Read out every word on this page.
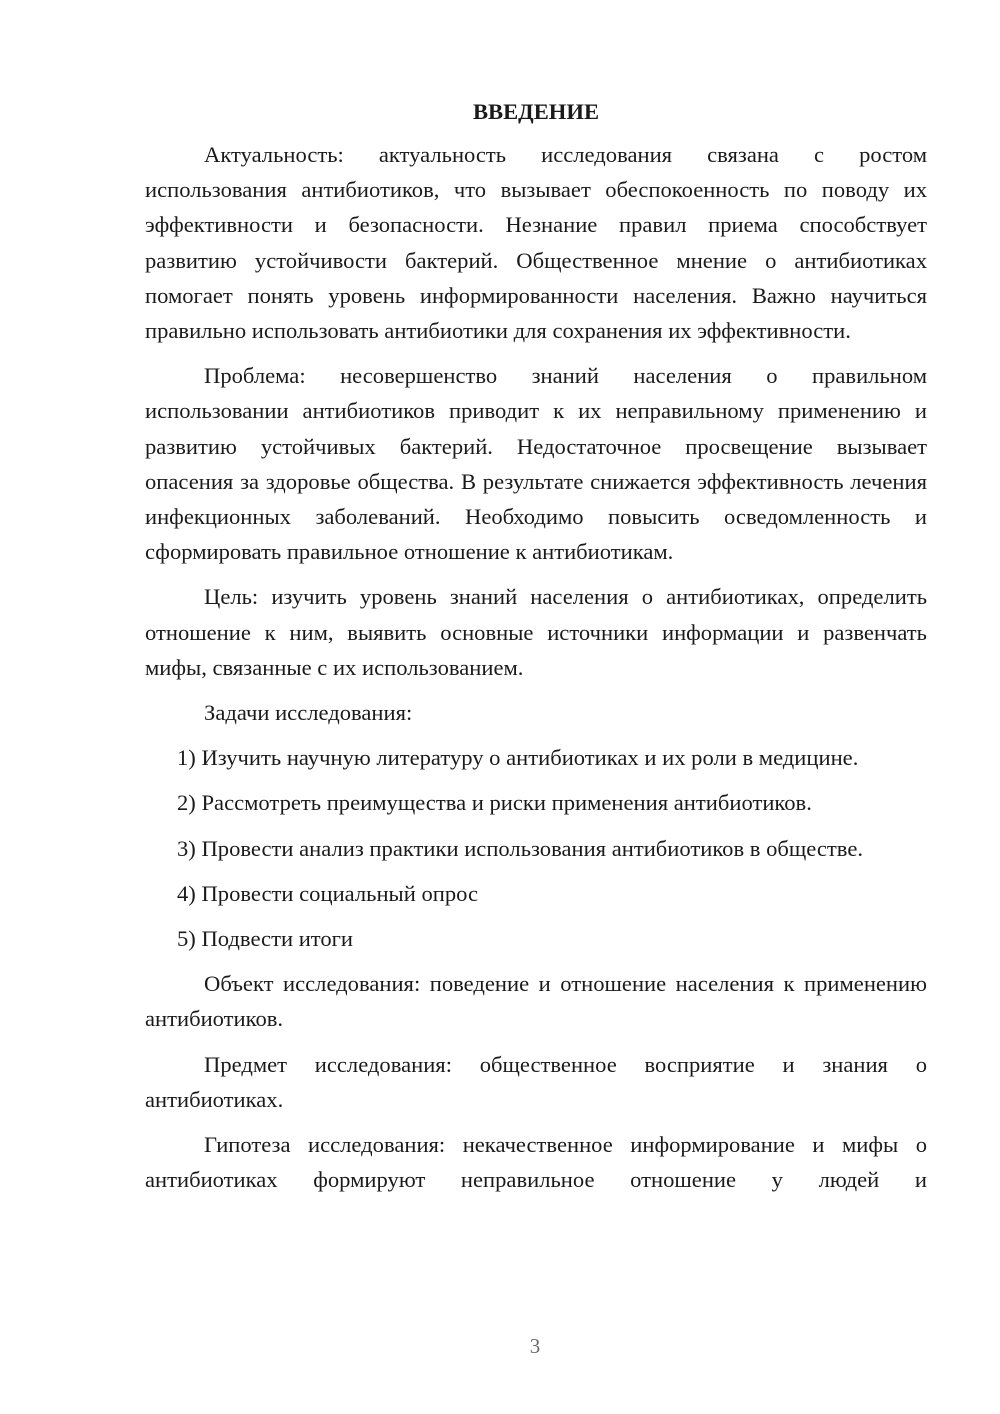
ВВЕДЕНИЕ

Актуальность: актуальность исследования связана с ростом использования антибиотиков, что вызывает обеспокоенность по поводу их эффективности и безопасности. Незнание правил приема способствует развитию устойчивости бактерий. Общественное мнение о антибиотиках помогает понять уровень информированности населения. Важно научиться правильно использовать антибиотики для сохранения их эффективности.

Проблема: несовершенство знаний населения о правильном использовании антибиотиков приводит к их неправильному применению и развитию устойчивых бактерий. Недостаточное просвещение вызывает опасения за здоровье общества. В результате снижается эффективность лечения инфекционных заболеваний. Необходимо повысить осведомленность и сформировать правильное отношение к антибиотикам.

Цель: изучить уровень знаний населения о антибиотиках, определить отношение к ним, выявить основные источники информации и развенчать мифы, связанные с их использованием.

Задачи исследования:

1) Изучить научную литературу о антибиотиках и их роли в медицине.

2) Рассмотреть преимущества и риски применения антибиотиков.

3) Провести анализ практики использования антибиотиков в обществе.

4) Провести социальный опрос

5) Подвести итоги

Объект исследования: поведение и отношение населения к применению антибиотиков.

Предмет исследования: общественное восприятие и знания о антибиотиках.

Гипотеза исследования: некачественное информирование и мифы о антибиотиках формируют неправильное отношение у людей и

3
